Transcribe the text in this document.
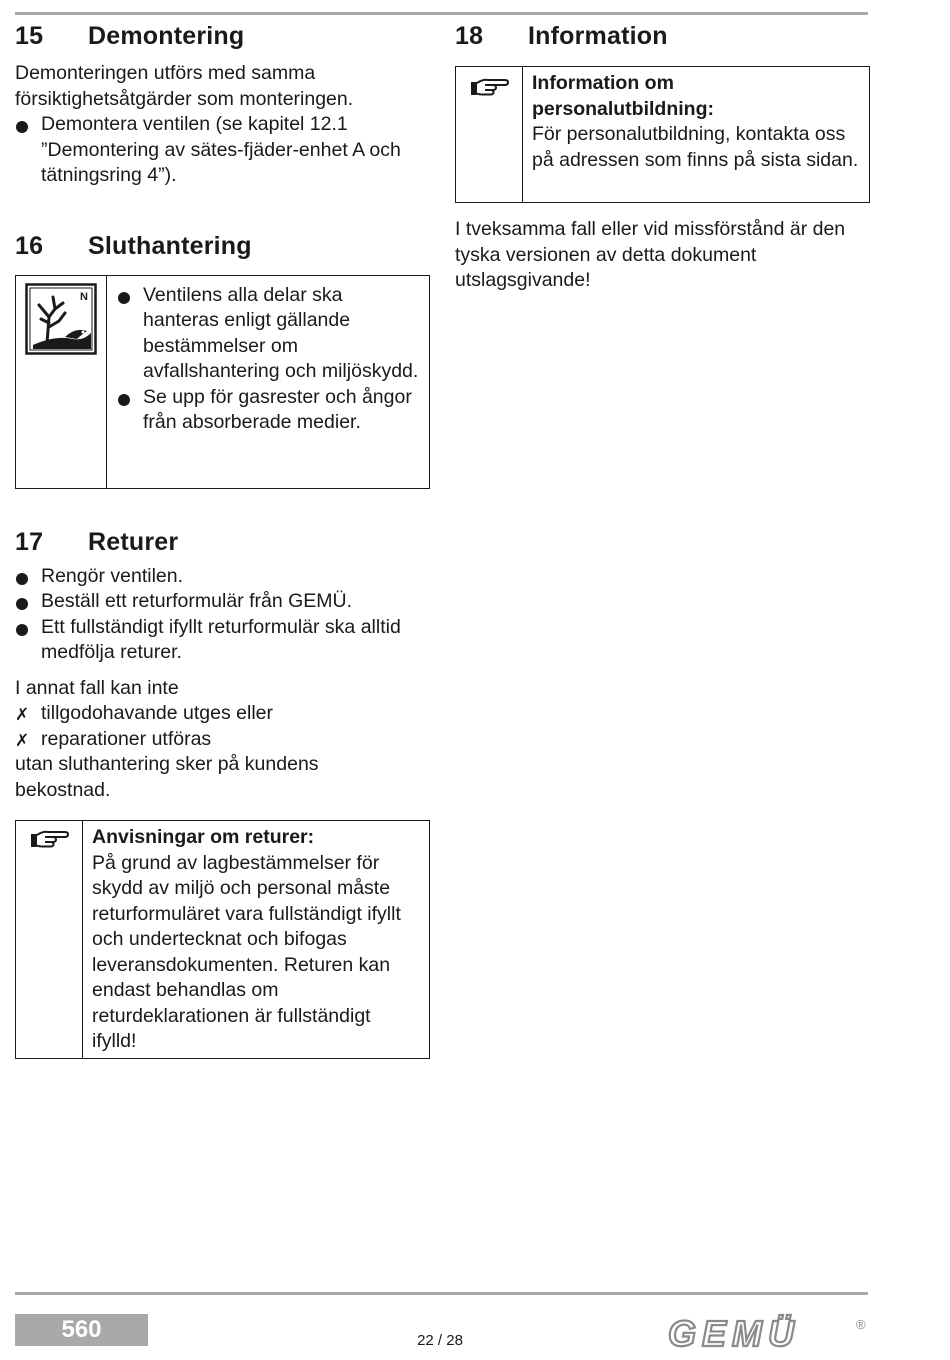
15	Demontering

Demonteringen utförs med samma försiktighetsåtgärder som monteringen.

Demontera ventilen (se kapitel 12.1 ”Demontering av sätes-fjäder-enhet A och tätningsring 4”).
16	Sluthantering
N	Ventilens alla delar ska hanteras enligt gällande bestämmelser om avfallshantering och miljöskydd.
Se upp för gasrester och ångor från absorberade medier.
17	Returer
Rengör ventilen.
Beställ ett returformulär från GEMÜ.
Ett fullständigt ifyllt returformulär ska alltid medfölja returer.

I annat fall kan inte

✗ tillgodohavande utges eller
✗ reparationer utföras

utan sluthantering sker på kundens bekostnad.

Anvisningar om returer:

På grund av lagbestämmelser för skydd av miljö och personal måste returformuläret vara fullständigt ifyllt och undertecknat och bifogas leveransdokumenten. Returen kan endast behandlas om returdeklarationen är fullständigt ifylld!

18	Information

Information om personalutbildning:

För personalutbildning, kontakta oss på adressen som finns på sista sidan.

I tveksamma fall eller vid missförstånd är den tyska versionen av detta dokument utslagsgivande!

560	22 / 28	GEMÜ	®
